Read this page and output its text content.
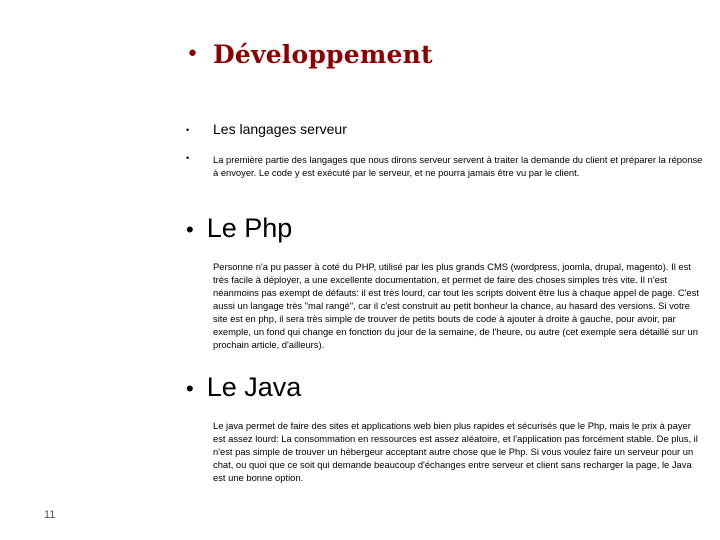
• Développement
• Les langages serveur
•	La première partie des langages que nous dirons serveur servent à traiter la demande du client et préparer la réponse à envoyer. Le code y est exécuté par le serveur, et ne pourra jamais être vu par le client.
• Le Php
Personne n'a pu passer à coté du PHP, utilisé par les plus grands CMS (wordpress, joomla, drupal, magento). Il est très facile à déployer, a une excellente documentation, et permet de faire des choses simples très vite. Il n'est néanmoins pas exempt de défauts: il est très lourd, car tout les scripts doivent être lus à chaque appel de page. C'est aussi un langage très "mal rangé", car il c'est construit au petit bonheur la chance, au hasard des versions. Si votre site est en php, il sera très simple de trouver de petits bouts de code à ajouter à droite à gauche, pour avoir, par exemple, un fond qui change en fonction du jour de la semaine, de l'heure, ou autre (cet exemple sera détaillé sur un prochain article, d'ailleurs).
• Le Java
Le java permet de faire des sites et applications web bien plus rapides et sécurisés que le Php, mais le prix à payer est assez lourd: La consommation en ressources est assez aléatoire, et l'application pas forcément stable. De plus, il n'est pas simple de trouver un hébergeur acceptant autre chose que le Php. Si vous voulez faire un serveur pour un chat, ou quoi que ce soit qui demande beaucoup d'échanges entre serveur et client sans recharger la page, le Java est une bonne option.
11
